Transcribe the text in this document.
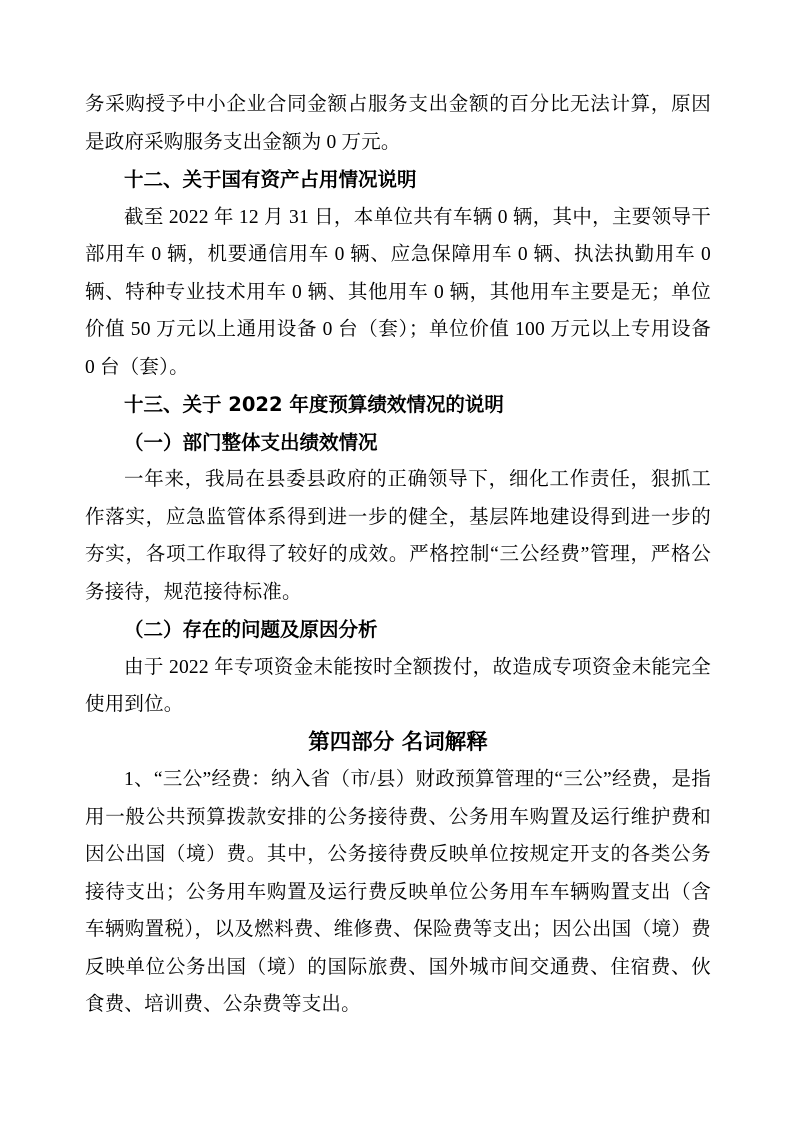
务采购授予中小企业合同金额占服务支出金额的百分比无法计算，原因是政府采购服务支出金额为 0 万元。

十二、关于国有资产占用情况说明

截至 2022 年 12 月 31 日，本单位共有车辆 0 辆，其中，主要领导干部用车 0 辆，机要通信用车 0 辆、应急保障用车 0 辆、执法执勤用车 0 辆、特种专业技术用车 0 辆、其他用车 0 辆，其他用车主要是无；单位价值 50 万元以上通用设备 0 台（套）；单位价值 100 万元以上专用设备 0 台（套）。

十三、关于 2022 年度预算绩效情况的说明

（一）部门整体支出绩效情况

一年来，我局在县委县政府的正确领导下，细化工作责任，狠抓工作落实，应急监管体系得到进一步的健全，基层阵地建设得到进一步的夯实，各项工作取得了较好的成效。严格控制“三公经费”管理，严格公务接待，规范接待标准。

（二）存在的问题及原因分析

由于 2022 年专项资金未能按时全额拨付，故造成专项资金未能完全使用到位。

第四部分 名词解释

1、“三公”经费：纳入省（市/县）财政预算管理的“三公”经费，是指用一般公共预算拨款安排的公务接待费、公务用车购置及运行维护费和因公出国（境）费。其中，公务接待费反映单位按规定开支的各类公务接待支出；公务用车购置及运行费反映单位公务用车车辆购置支出（含车辆购置税），以及燃料费、维修费、保险费等支出；因公出国（境）费反映单位公务出国（境）的国际旅费、国外城市间交通费、住宿费、伙食费、培训费、公杂费等支出。
